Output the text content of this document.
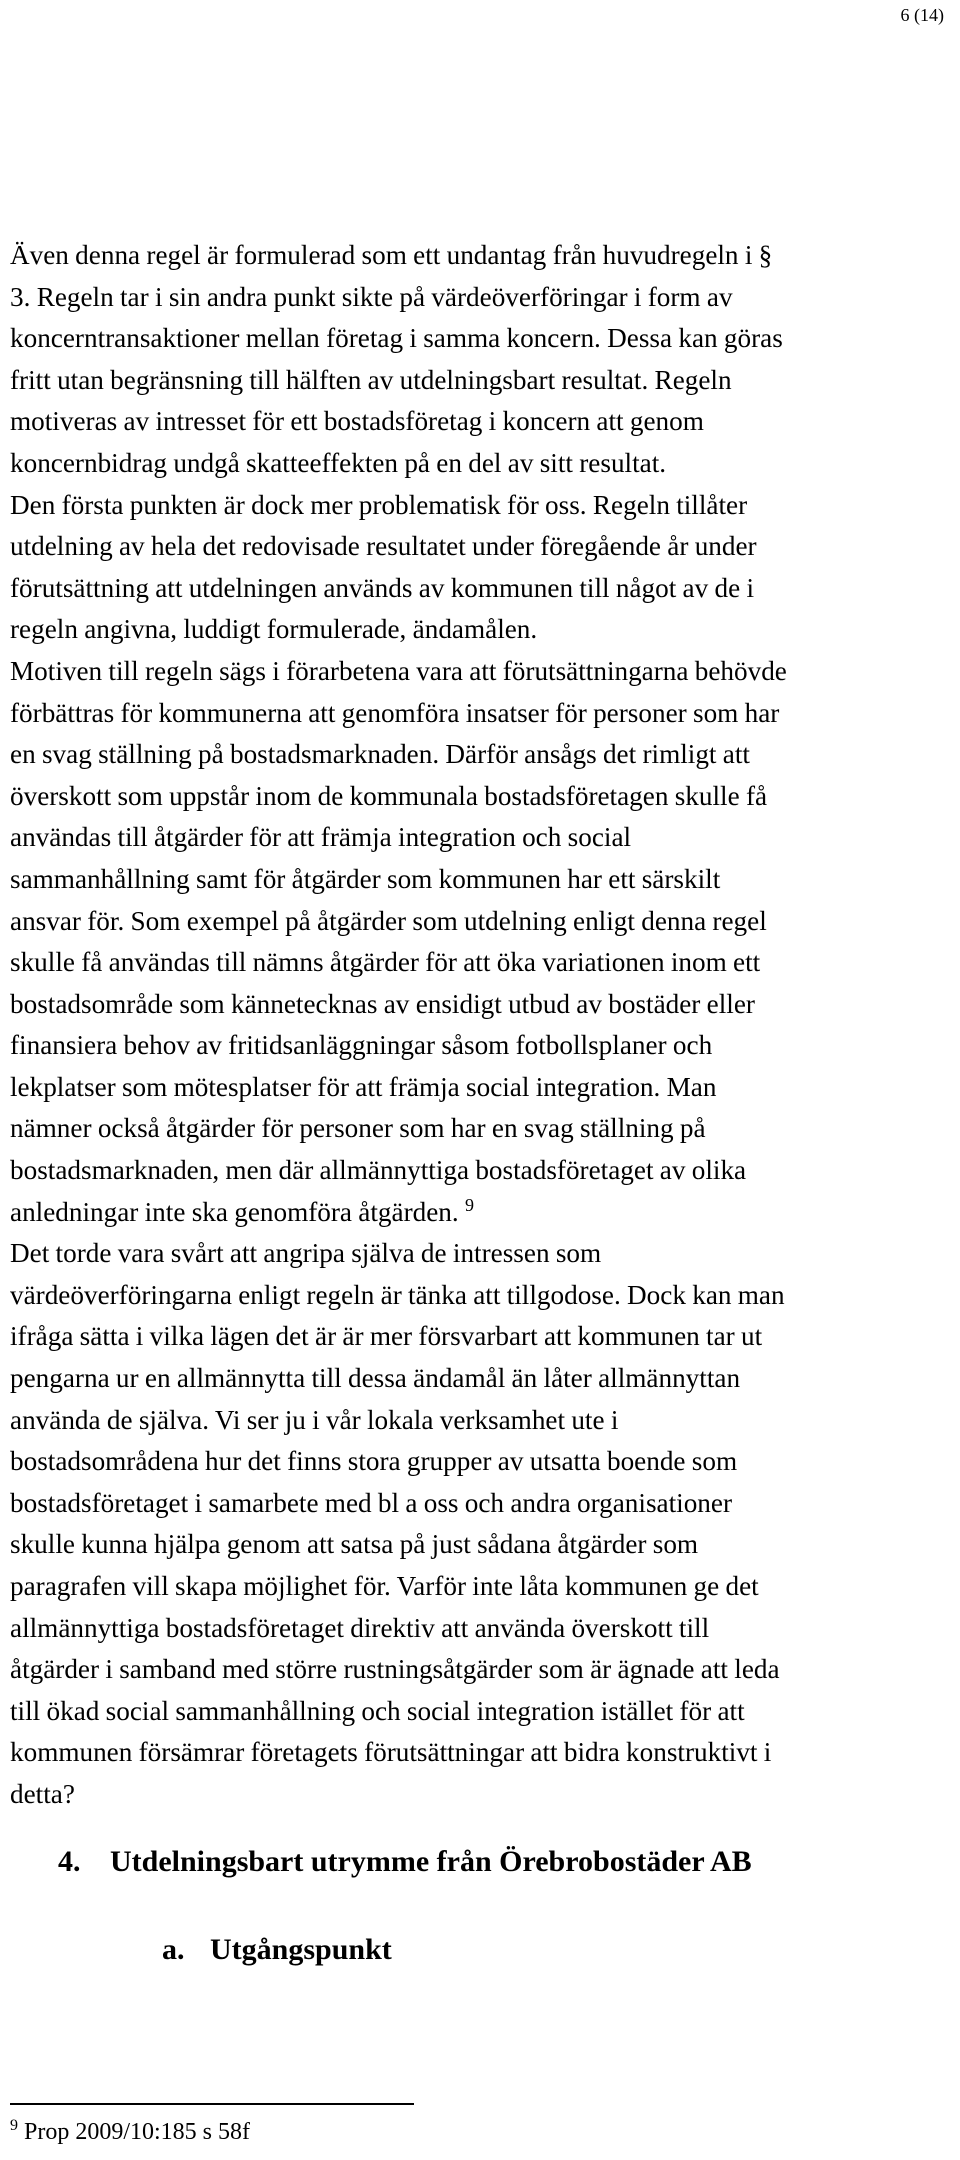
6 (14)
Även denna regel är formulerad som ett undantag från huvudregeln i §
3. Regeln tar i sin andra punkt sikte på värdeöverföringar i form av
koncerntransaktioner mellan företag i samma koncern. Dessa kan göras
fritt utan begränsning till hälften av utdelningsbart resultat. Regeln
motiveras av intresset för ett bostadsföretag i koncern att genom
koncernbidrag undgå skatteeffekten på en del av sitt resultat.
Den första punkten är dock mer problematisk för oss. Regeln tillåter
utdelning av hela det redovisade resultatet under föregående år under
förutsättning att utdelningen används av kommunen till något av de i
regeln angivna, luddigt formulerade, ändamålen.
Motiven till regeln sägs i förarbetena vara att förutsättningarna behövde
förbättras för kommunerna att genomföra insatser för personer som har
en svag ställning på bostadsmarknaden. Därför ansågs det rimligt att
överskott som uppstår inom de kommunala bostadsföretagen skulle få
användas till åtgärder för att främja integration och social
sammanhållning samt för åtgärder som kommunen har ett särskilt
ansvar för. Som exempel på åtgärder som utdelning enligt denna regel
skulle få användas till nämns åtgärder för att öka variationen inom ett
bostadsområde som kännetecknas av ensidigt utbud av bostäder eller
finansiera behov av fritidsanläggningar såsom fotbollsplaner och
lekplatser som mötesplatser för att främja social integration. Man
nämner också åtgärder för personer som har en svag ställning på
bostadsmarknaden, men där allmännyttiga bostadsföretaget av olika
anledningar inte ska genomföra åtgärden. $^9$
Det torde vara svårt att angripa själva de intressen som
värdeöverföringarna enligt regeln är tänka att tillgodose. Dock kan man
ifråga sätta i vilka lägen det är är mer försvarbart att kommunen tar ut
pengarna ur en allmännytta till dessa ändamål än låter allmännyttan
använda de själva. Vi ser ju i vår lokala verksamhet ute i
bostadsområdena hur det finns stora grupper av utsatta boende som
bostadsföretaget i samarbete med bl a oss och andra organisationer
skulle kunna hjälpa genom att satsa på just sådana åtgärder som
paragrafen vill skapa möjlighet för. Varför inte låta kommunen ge det
allmännyttiga bostadsföretaget direktiv att använda överskott till
åtgärder i samband med större rustningsåtgärder som är ägnade att leda
till ökad social sammanhållning och social integration istället för att
kommunen försämrar företagets förutsättningar att bidra konstruktivt i
detta?
4. Utdelningsbart utrymme från Örebrobostäder AB
a. Utgångspunkt
$^9$ Prop 2009/10:185 s 58f
